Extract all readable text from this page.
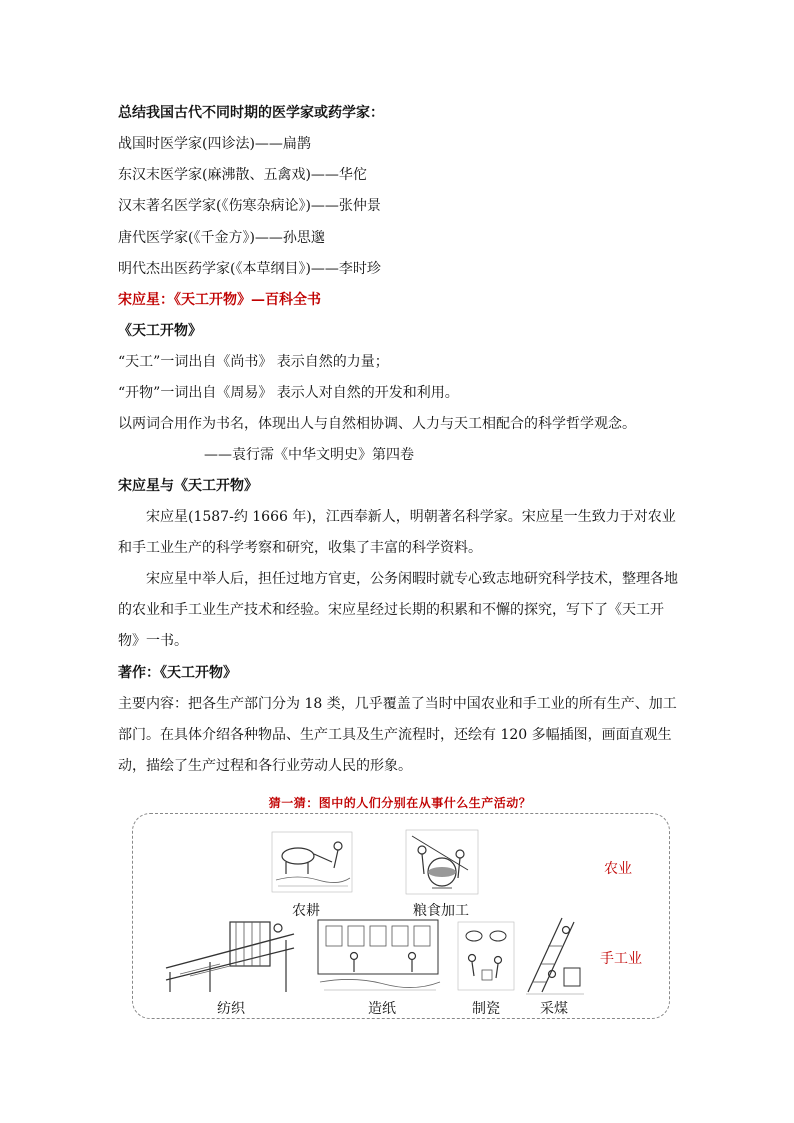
总结我国古代不同时期的医学家或药学家：
战国时医学家(四诊法)——扁鹊
东汉末医学家(麻沸散、五禽戏)——华佗
汉末著名医学家(《伤寒杂病论》)——张仲景
唐代医学家(《千金方》)——孙思邈
明代杰出医药学家(《本草纲目》)——李时珍
宋应星：《天工开物》—百科全书
《天工开物》
“天工”一词出自《尚书》 表示自然的力量；
“开物”一词出自《周易》 表示人对自然的开发和利用。
以两词合用作为书名，体现出人与自然相协调、人力与天工相配合的科学哲学观念。
——袁行霈《中华文明史》第四卷
宋应星与《天工开物》
宋应星(1587-约 1666 年)，江西奉新人，明朝著名科学家。宋应星一生致力于对农业和手工业生产的科学考察和研究，收集了丰富的科学资料。
宋应星中举人后，担任过地方官吏，公务闲暇时就专心致志地研究科学技术，整理各地的农业和手工业生产技术和经验。宋应星经过长期的积累和不懈的探究，写下了《天工开物》一书。
著作：《天工开物》
主要内容：把各生产部门分为 18 类，几乎覆盖了当时中国农业和手工业的所有生产、加工部门。在具体介绍各种物品、生产工具及生产流程时，还绘有 120 多幅插图，画面直观生动，描绘了生产过程和各行业劳动人民的形象。
猜一猜：图中的人们分别在从事什么生产活动？
农耕	粮食加工
农业
纺织	造纸	制瓷	采煤
手工业
